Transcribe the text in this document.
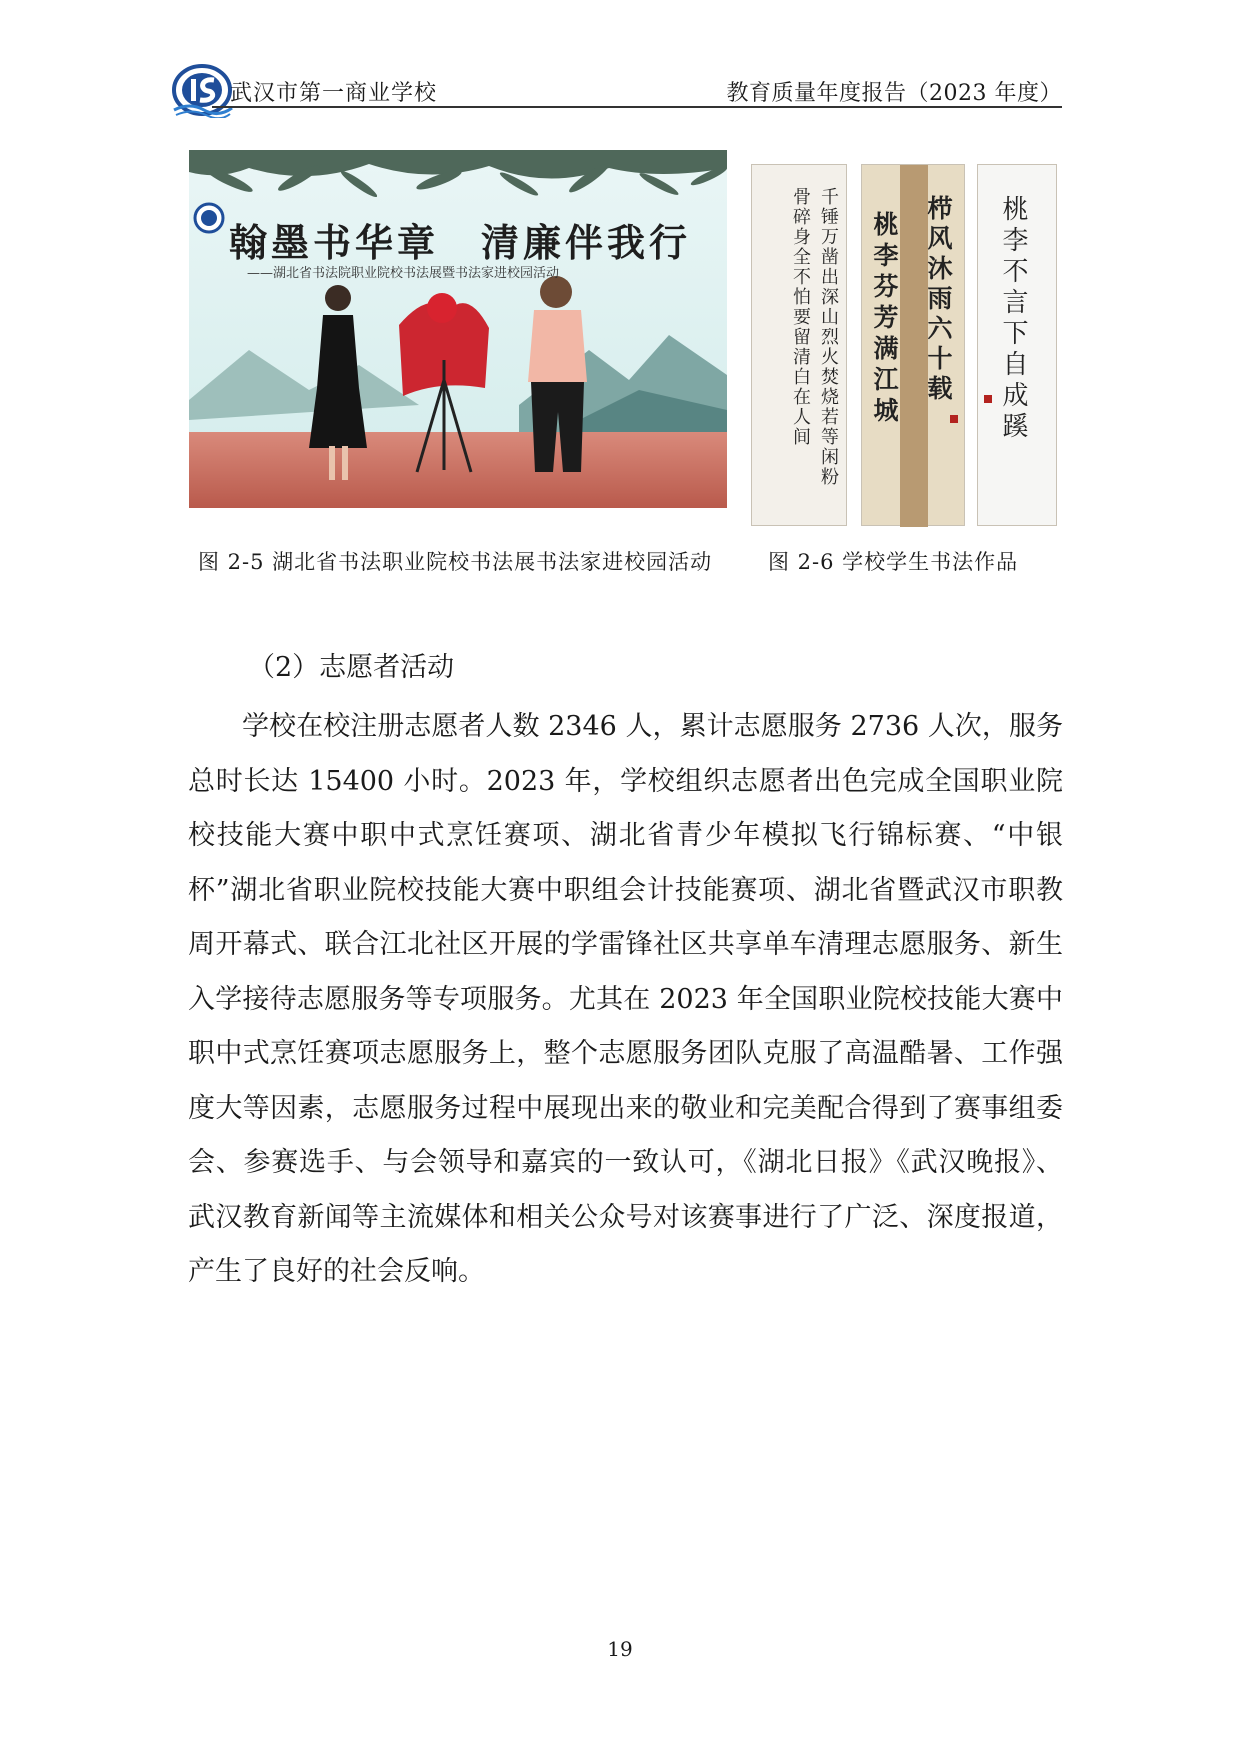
武汉市第一商业学校	教育质量年度报告（2023 年度）
翰墨书华章　清廉伴我行
——湖北省书法院职业院校书法展暨书法家进校园活动
图 2-5 湖北省书法职业院校书法展书法家进校园活动
千锤万凿出深山烈火焚烧若等闲粉骨碎身全不怕要留清白在人间	桃李芬芳满江城 栉风沐雨六十载 桃李不言下自成蹊
图 2-6 学校学生书法作品
（2）志愿者活动

学校在校注册志愿者人数 2346 人，累计志愿服务 2736 人次，服务总时长达 15400 小时。2023 年，学校组织志愿者出色完成全国职业院校技能大赛中职中式烹饪赛项、湖北省青少年模拟飞行锦标赛、“中银杯”湖北省职业院校技能大赛中职组会计技能赛项、湖北省暨武汉市职教周开幕式、联合江北社区开展的学雷锋社区共享单车清理志愿服务、新生入学接待志愿服务等专项服务。尤其在 2023 年全国职业院校技能大赛中职中式烹饪赛项志愿服务上，整个志愿服务团队克服了高温酷暑、工作强度大等因素，志愿服务过程中展现出来的敬业和完美配合得到了赛事组委会、参赛选手、与会领导和嘉宾的一致认可，《湖北日报》《武汉晚报》、武汉教育新闻等主流媒体和相关公众号对该赛事进行了广泛、深度报道，产生了良好的社会反响。

19
